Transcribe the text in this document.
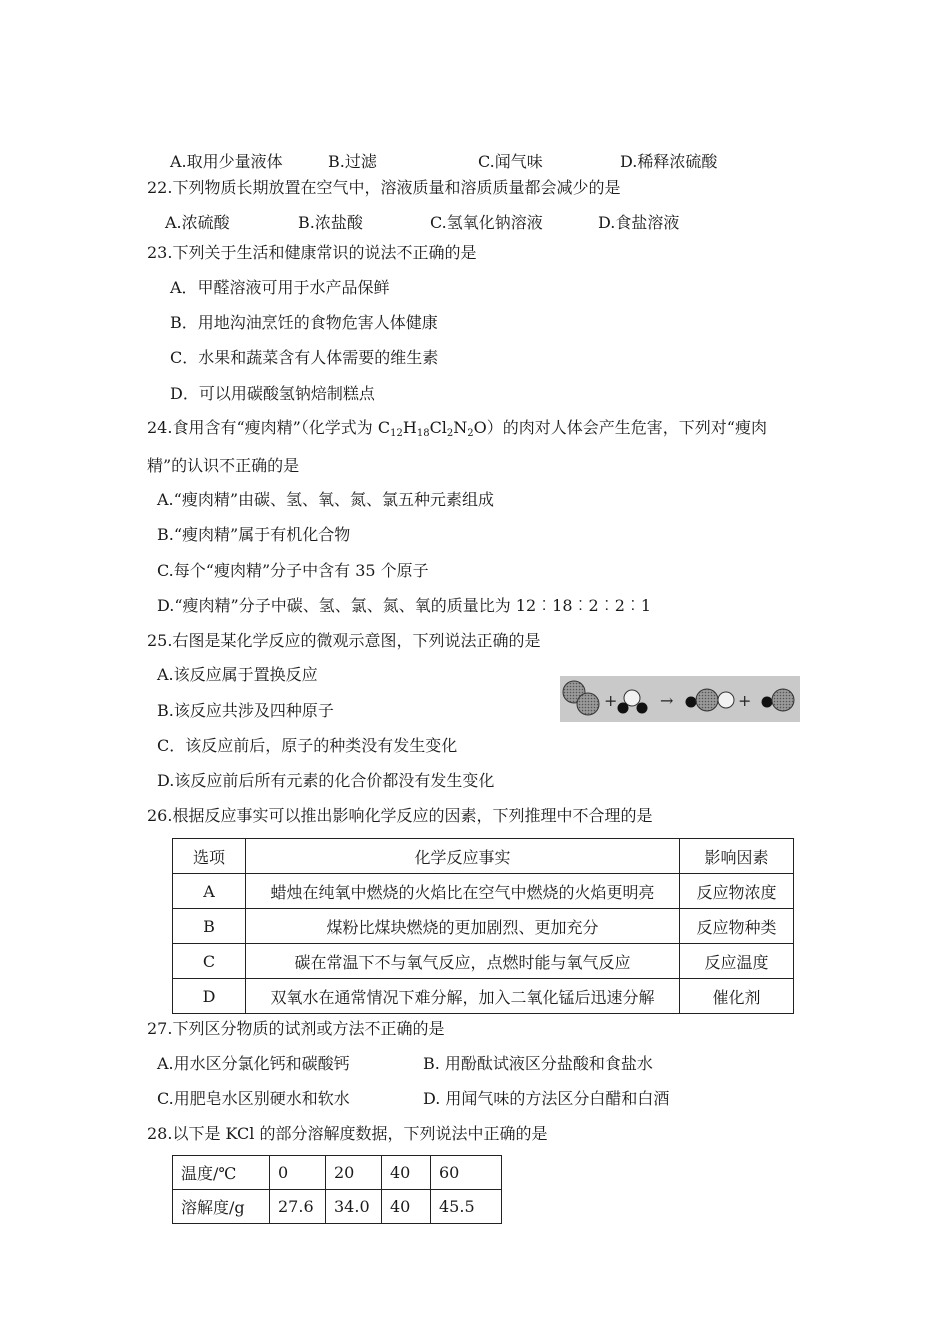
A.取用少量液体	B.过滤	C.闻气味	D.稀释浓硫酸
22.下列物质长期放置在空气中，溶液质量和溶质质量都会减少的是
A.浓硫酸	B.浓盐酸	C.氢氧化钠溶液	D.食盐溶液
23.下列关于生活和健康常识的说法不正确的是
A．甲醛溶液可用于水产品保鲜
B．用地沟油烹饪的食物危害人体健康
C．水果和蔬菜含有人体需要的维生素
D．可以用碳酸氢钠焙制糕点
24.食用含有“瘦肉精”（化学式为 $C_{12}H_{18}Cl_2N_2O$）的肉对人体会产生危害，下列对“瘦肉
精”的认识不正确的是
A.“瘦肉精”由碳、氢、氧、氮、氯五种元素组成
B.“瘦肉精”属于有机化合物
C.每个“瘦肉精”分子中含有 35 个原子
D.“瘦肉精”分子中碳、氢、氯、氮、氧的质量比为 12︰18︰2︰2︰1
25.右图是某化学反应的微观示意图，下列说法正确的是
A.该反应属于置换反应
B.该反应共涉及四种原子
C．该反应前后，原子的种类没有发生变化
D.该反应前后所有元素的化合价都没有发生变化
+	→	+
26.根据反应事实可以推出影响化学反应的因素，下列推理中不合理的是
选项	化学反应事实	影响因素
A	蜡烛在纯氧中燃烧的火焰比在空气中燃烧的火焰更明亮	反应物浓度
B	煤粉比煤块燃烧的更加剧烈、更加充分	反应物种类
C	碳在常温下不与氧气反应，点燃时能与氧气反应	反应温度
D	双氧水在通常情况下难分解，加入二氧化锰后迅速分解	催化剂
27.下列区分物质的试剂或方法不正确的是
A.用水区分氯化钙和碳酸钙	B. 用酚酞试液区分盐酸和食盐水
C.用肥皂水区别硬水和软水	D. 用闻气味的方法区分白醋和白酒
28.以下是 KCl 的部分溶解度数据，下列说法中正确的是
温度/℃	0	20	40	60
溶解度/g	27.6	34.0	40	45.5
